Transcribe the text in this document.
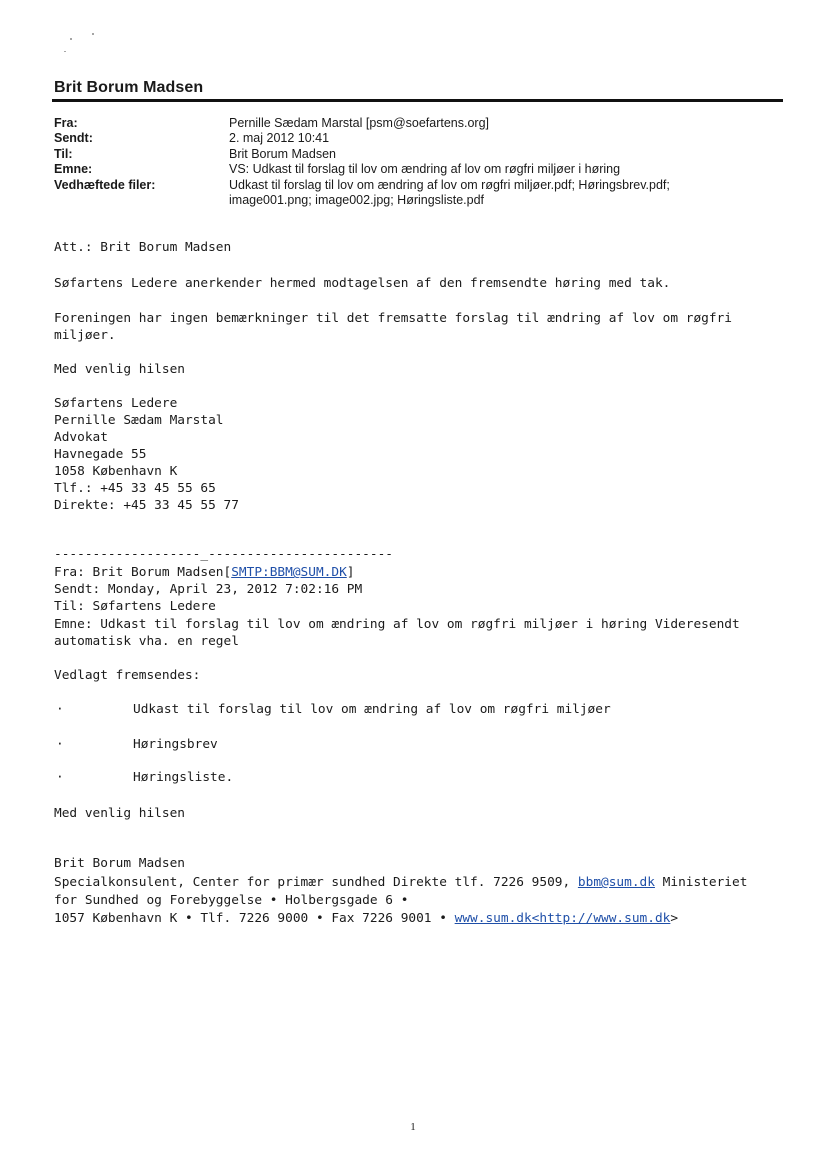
Brit Borum Madsen
Fra:	Pernille Sædam Marstal [psm@soefartens.org]
Sendt:	2. maj 2012 10:41
Til:	Brit Borum Madsen
Emne:	VS: Udkast til forslag til lov om ændring af lov om røgfri miljøer i høring
Vedhæftede filer:	Udkast til forslag til lov om ændring af lov om røgfri miljøer.pdf; Høringsbrev.pdf;
image001.png; image002.jpg; Høringsliste.pdf
Att.: Brit Borum Madsen
Søfartens Ledere anerkender hermed modtagelsen af den fremsendte høring med tak.
Foreningen har ingen bemærkninger til det fremsatte forslag til ændring af lov om røgfri
miljøer.
Med venlig hilsen
Søfartens Ledere
Pernille Sædam Marstal
Advokat
Havnegade 55
1058 København K
Tlf.: +45 33 45 55 65
Direkte: +45 33 45 55 77
-------------------_------------------------
Fra: Brit Borum Madsen[SMTP:BBM@SUM.DK]
Sendt: Monday, April 23, 2012 7:02:16 PM
Til: Søfartens Ledere
Emne: Udkast til forslag til lov om ændring af lov om røgfri miljøer i høring Videresendt
automatisk vha. en regel
Vedlagt fremsendes:
·	Udkast til forslag til lov om ændring af lov om røgfri miljøer
·	Høringsbrev
·	Høringsliste.
Med venlig hilsen
Brit Borum Madsen
Specialkonsulent, Center for primær sundhed Direkte tlf. 7226 9509, bbm@sum.dk Ministeriet
for Sundhed og Forebyggelse • Holbergsgade 6 •
1057 København K • Tlf. 7226 9000 • Fax 7226 9001 • www.sum.dk<http://www.sum.dk>
1
